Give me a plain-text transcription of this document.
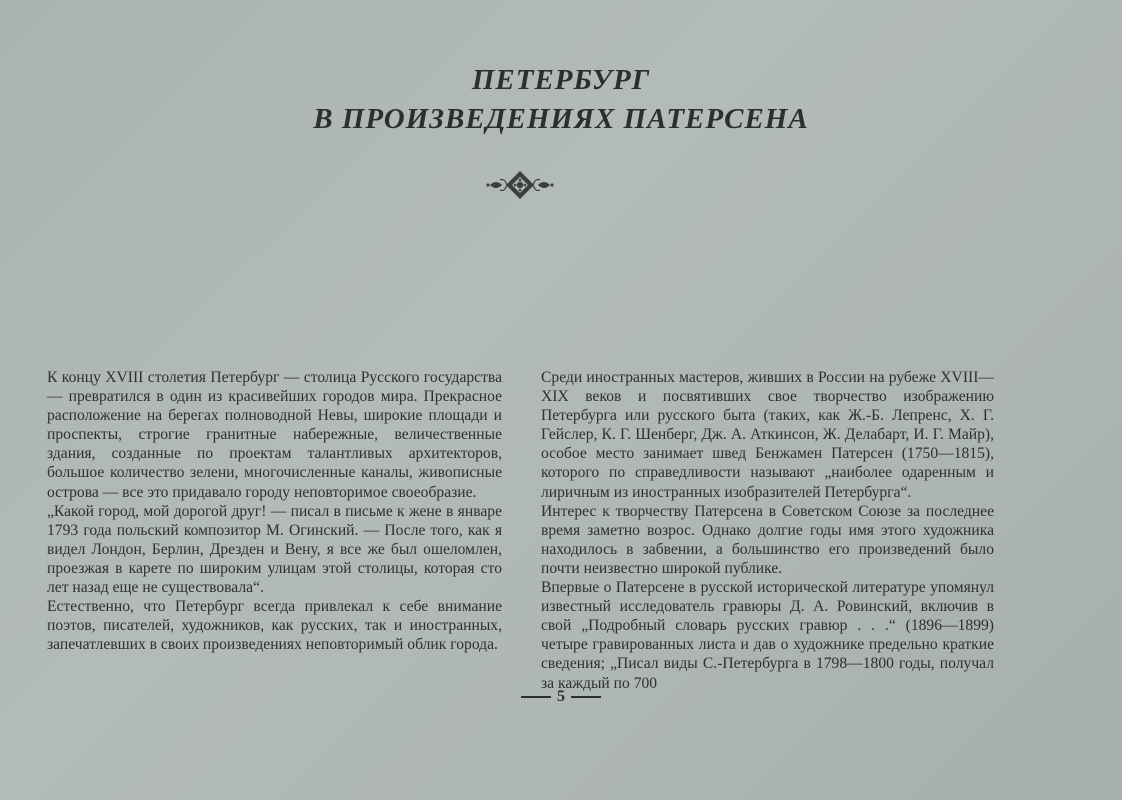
ПЕТЕРБУРГ
В ПРОИЗВЕДЕНИЯХ ПАТЕРСЕНА

К концу XVIII столетия Петербург — столица Русского государства — превратился в один из красивейших городов мира. Прекрасное расположение на берегах полноводной Невы, широкие площади и проспекты, строгие гранитные набережные, величественные здания, созданные по проектам талантливых архитекторов, большое количество зелени, многочисленные каналы, живописные острова — все это придавало городу неповторимое своеобразие.

„Какой город, мой дорогой друг! — писал в письме к жене в январе 1793 года польский композитор М. Огинский. — После того, как я видел Лондон, Берлин, Дрезден и Вену, я все же был ошеломлен, проезжая в карете по широким улицам этой столицы, которая сто лет назад еще не существовала“.

Естественно, что Петербург всегда привлекал к себе внимание поэтов, писателей, художников, как русских, так и иностранных, запечатлевших в своих произведениях неповторимый облик города.

Среди иностранных мастеров, живших в России на рубеже XVIII—XIX веков и посвятивших свое творчество изображению Петербурга или русского быта (таких, как Ж.-Б. Лепренс, Х. Г. Гейслер, К. Г. Шенберг, Дж. А. Аткинсон, Ж. Делабарт, И. Г. Майр), особое место занимает швед Бенжамен Патерсен (1750—1815), которого по справедливости называют „наиболее одаренным и лиричным из иностранных изобразителей Петербурга“.

Интерес к творчеству Патерсена в Советском Союзе за последнее время заметно возрос. Однако долгие годы имя этого художника находилось в забвении, а большинство его произведений было почти неизвестно широкой публике.

Впервые о Патерсене в русской исторической литературе упомянул известный исследователь гравюры Д. А. Ровинский, включив в свой „Подробный словарь русских гравюр . . .“ (1896—1899) четыре гравированных листа и дав о художнике предельно краткие сведения; „Писал виды С.-Петербурга в 1798—1800 годы, получал за каждый по 700

5
